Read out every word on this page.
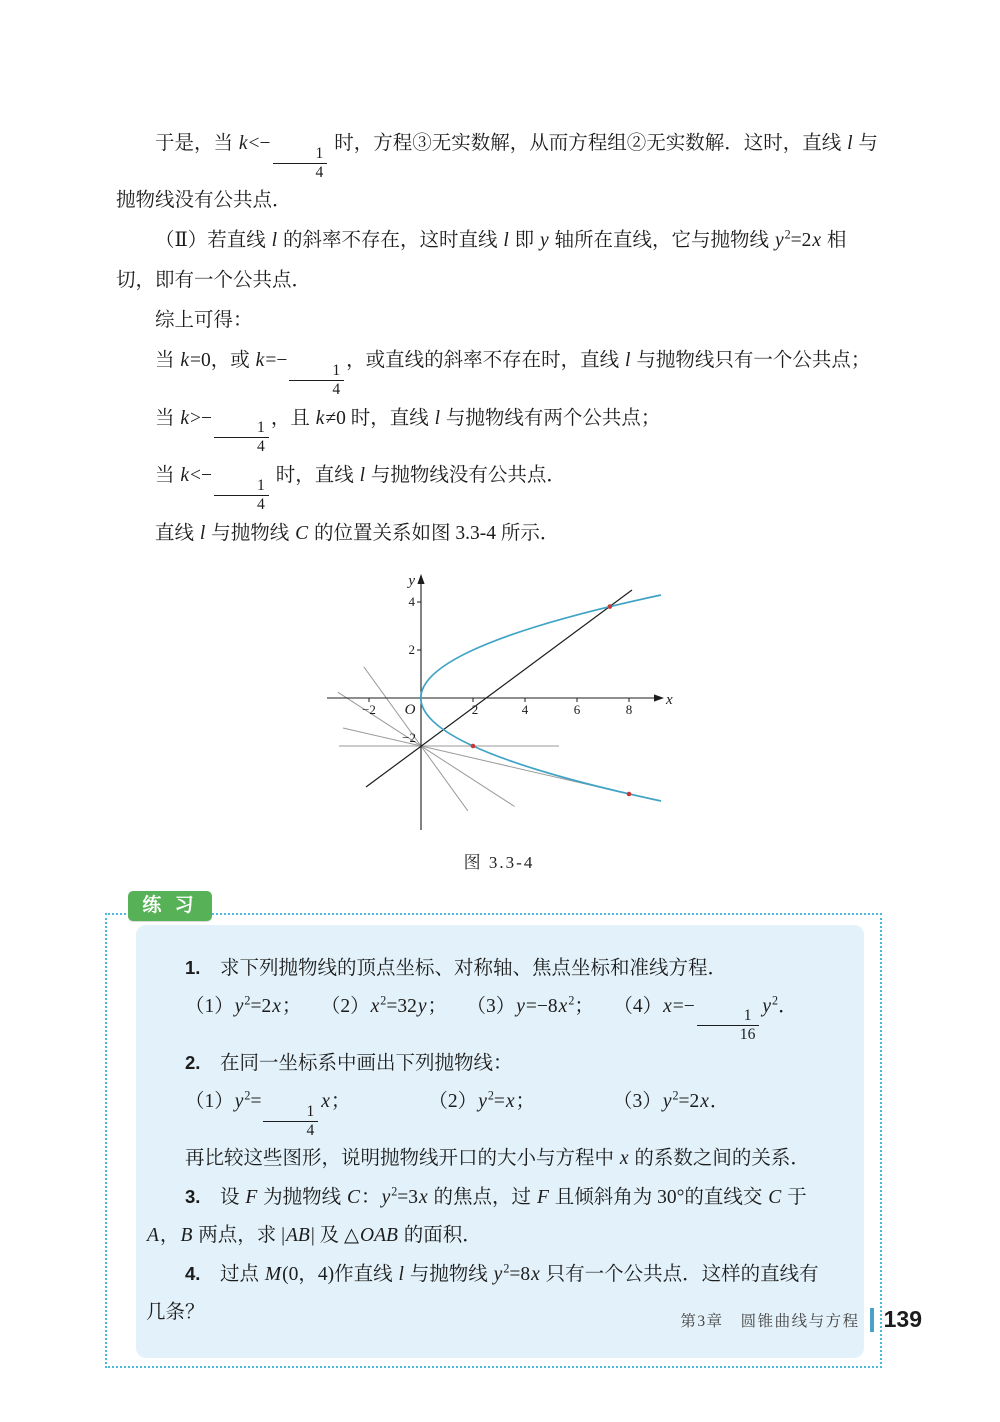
于是，当 k<−
$\frac{1}{4}$
时，方程③无实数解，从而方程组②无实数解．这时，直线 l 与抛物线没有公共点．

（Ⅱ）若直线 l 的斜率不存在，这时直线 l 即 y 轴所在直线，它与抛物线 $y^2=2x$ 相切，即有一个公共点．

综上可得：

当 k=0，或 k=−
$\frac{1}{4}$
，或直线的斜率不存在时，直线 l 与抛物线只有一个公共点；

当 k>−
$\frac{1}{4}$
，且 k≠0 时，直线 l 与抛物线有两个公共点；

当 k<−
$\frac{1}{4}$
时，直线 l 与抛物线没有公共点．

直线 l 与抛物线 C 的位置关系如图 3.3-4 所示．

x
y
O
−2	2	4	6	8
4
2
−2
图 3.3-4
练 习

1.　求下列抛物线的顶点坐标、对称轴、焦点坐标和准线方程．

$(1)y^2=2x$；　　$(2)x^2=32y$；　　$(3)y=-8x^2$；　　（4）x=−
$\frac{1}{16}$
$y^2$．

2.　在同一坐标系中画出下列抛物线：

$(1)y^2=$
$\frac{1}{4}$
x；　　　　　$(2)y^2=x$；　　　　　$(3)y^2=2x$．

再比较这些图形，说明抛物线开口的大小与方程中 x 的系数之间的关系．

3.　设 F 为抛物线 C：$y^2=3x$ 的焦点，过 F 且倾斜角为 30°的直线交 C 于 A，B 两点，求 |AB| 及 △OAB 的面积．

4.　过点 M(0，4)作直线 l 与抛物线 $y^2=8x$ 只有一个公共点．这样的直线有几条？	第3章　圆锥曲线与方程 139
